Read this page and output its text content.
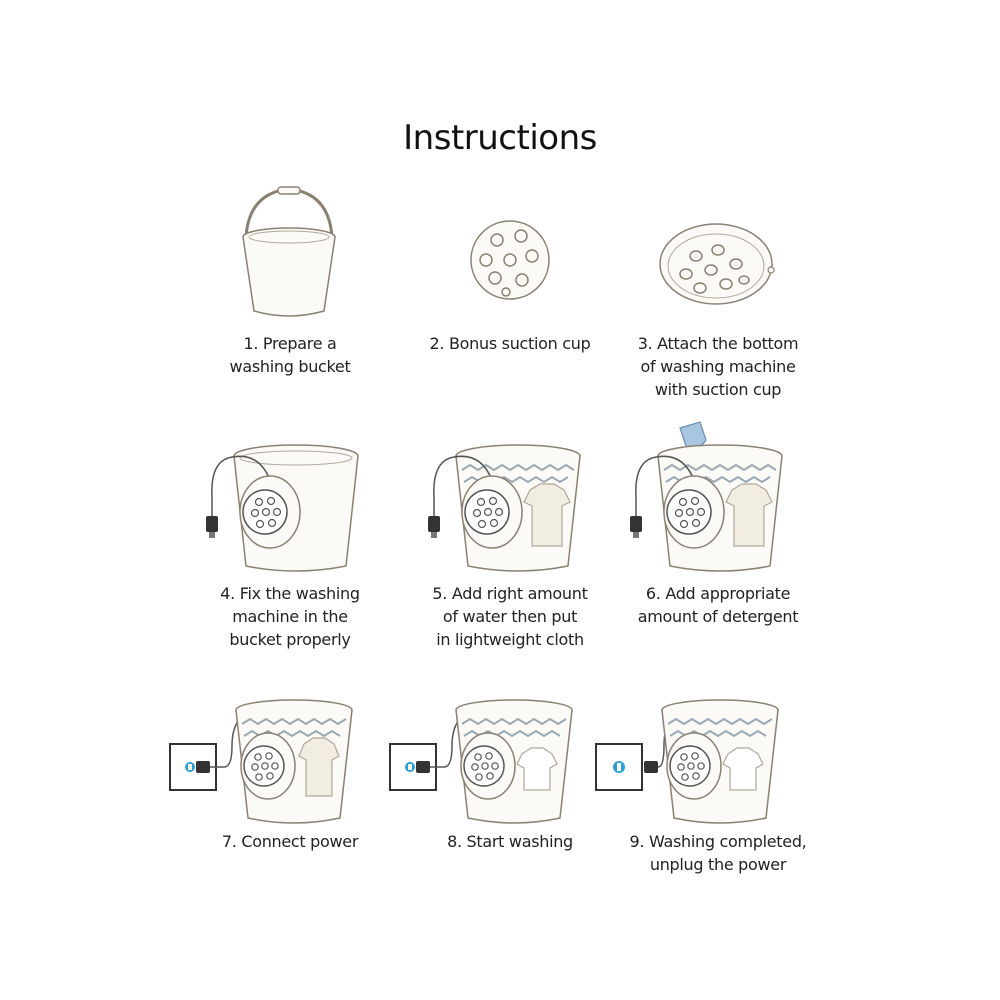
Instructions
1. Prepare a
washing bucket
2. Bonus suction cup	3. Attach the bottom
of washing machine
with suction cup
4. Fix the washing
machine in the
bucket properly
5. Add right amount
of water then put
in lightweight cloth
6. Add appropriate
amount of detergent
7. Connect power	8. Start washing	9. Washing completed,
unplug the power
